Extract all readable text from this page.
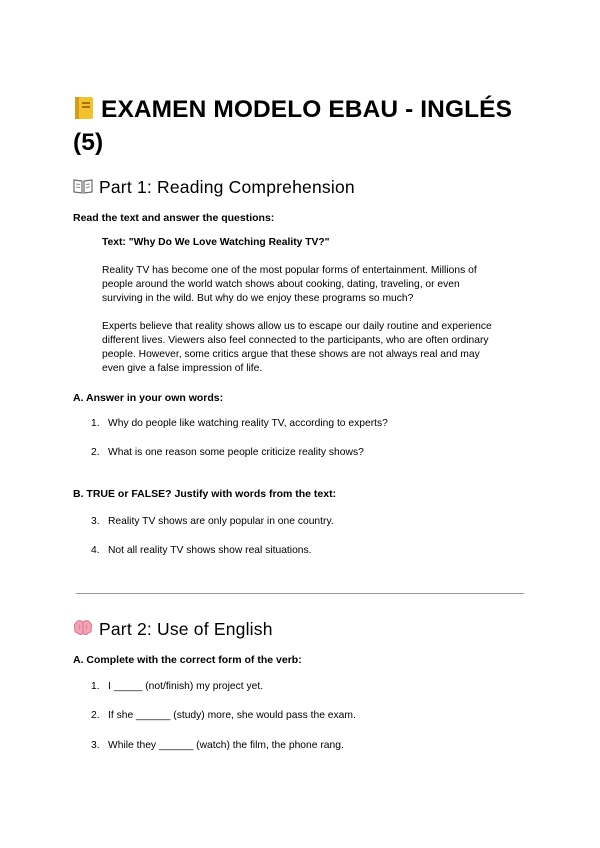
EXAMEN MODELO EBAU - INGLÉS (5)
Part 1: Reading Comprehension
Read the text and answer the questions:
Text: "Why Do We Love Watching Reality TV?"
Reality TV has become one of the most popular forms of entertainment. Millions of people around the world watch shows about cooking, dating, traveling, or even surviving in the wild. But why do we enjoy these programs so much?
Experts believe that reality shows allow us to escape our daily routine and experience different lives. Viewers also feel connected to the participants, who are often ordinary people. However, some critics argue that these shows are not always real and may even give a false impression of life.
A. Answer in your own words:
1. Why do people like watching reality TV, according to experts?
2. What is one reason some people criticize reality shows?
B. TRUE or FALSE? Justify with words from the text:
3. Reality TV shows are only popular in one country.
4. Not all reality TV shows show real situations.
Part 2: Use of English
A. Complete with the correct form of the verb:
1. I _____ (not/finish) my project yet.
2. If she ______ (study) more, she would pass the exam.
3. While they ______ (watch) the film, the phone rang.
